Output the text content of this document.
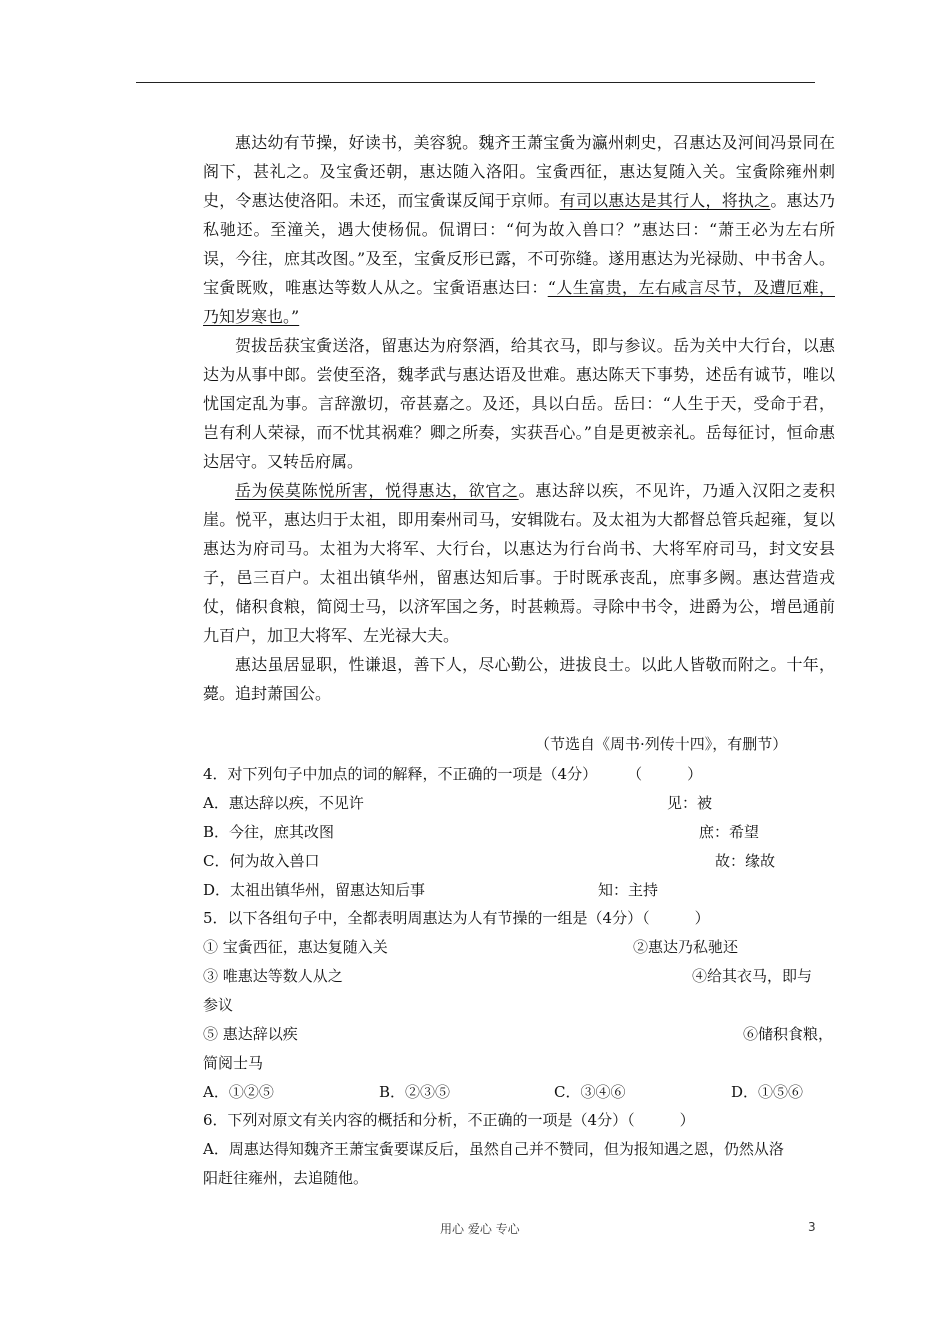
惠达幼有节操，好读书，美容貌。魏齐王萧宝夤为瀛州刺史，召惠达及河间冯景同在阁下，甚礼之。及宝夤还朝，惠达随入洛阳。宝夤西征，惠达复随入关。宝夤除雍州刺史，令惠达使洛阳。未还，而宝夤谋反闻于京师。有司以惠达是其行人，将执之。惠达乃私驰还。至潼关，遇大使杨侃。侃谓曰：“何为故入兽口？”惠达曰：“萧王必为左右所误，今往，庶其改图。”及至，宝夤反形已露，不可弥缝。遂用惠达为光禄勋、中书舍人。宝夤既败，唯惠达等数人从之。宝夤语惠达曰：“人生富贵，左右咸言尽节，及遭厄难，乃知岁寒也。”

贺拔岳获宝夤送洛，留惠达为府祭酒，给其衣马，即与参议。岳为关中大行台，以惠达为从事中郎。尝使至洛，魏孝武与惠达语及世难。惠达陈天下事势，述岳有诚节，唯以忧国定乱为事。言辞激切，帝甚嘉之。及还，具以白岳。岳曰：“人生于天，受命于君，岂有利人荣禄，而不忧其祸难？卿之所奏，实获吾心。”自是更被亲礼。岳每征讨，恒命惠达居守。又转岳府属。

岳为侯莫陈悦所害，悦得惠达，欲官之。惠达辞以疾，不见许，乃遁入汉阳之麦积崖。悦平，惠达归于太祖，即用秦州司马，安辑陇右。及太祖为大都督总管兵起雍，复以惠达为府司马。太祖为大将军、大行台，以惠达为行台尚书、大将军府司马，封文安县子，邑三百户。太祖出镇华州，留惠达知后事。于时既承丧乱，庶事多阙。惠达营造戎仗，储积食粮，简阅士马，以济军国之务，时甚赖焉。寻除中书令，进爵为公，增邑通前九百户，加卫大将军、左光禄大夫。

惠达虽居显职，性谦退，善下人，尽心勤公，进拔良士。以此人皆敬而附之。十年，薨。追封萧国公。

（节选自《周书·列传十四》，有删节）
4．对下列句子中加点的词的解释，不正确的一项是（4分）　　　（　　　）
A．惠达辞以疾，不见许	见：被
B．今往，庶其改图	庶：希望
C．何为故入兽口	故：缘故
D．太祖出镇华州，留惠达知后事	知：主持
5．以下各组句子中，全都表明周惠达为人有节操的一组是（4分）（　　　）
① 宝夤西征，惠达复随入关	②惠达乃私驰还
③ 唯惠达等数人从之	④给其衣马，即与
参议
⑤ 惠达辞以疾	⑥储积食粮，
简阅士马
A．①②⑤	B．②③⑤	C．③④⑥	D．①⑤⑥
6．下列对原文有关内容的概括和分析，不正确的一项是（4分）（　　　）
A．周惠达得知魏齐王萧宝夤要谋反后，虽然自己并不赞同，但为报知遇之恩，仍然从洛
阳赶往雍州，去追随他。
用心 爱心 专心	3
